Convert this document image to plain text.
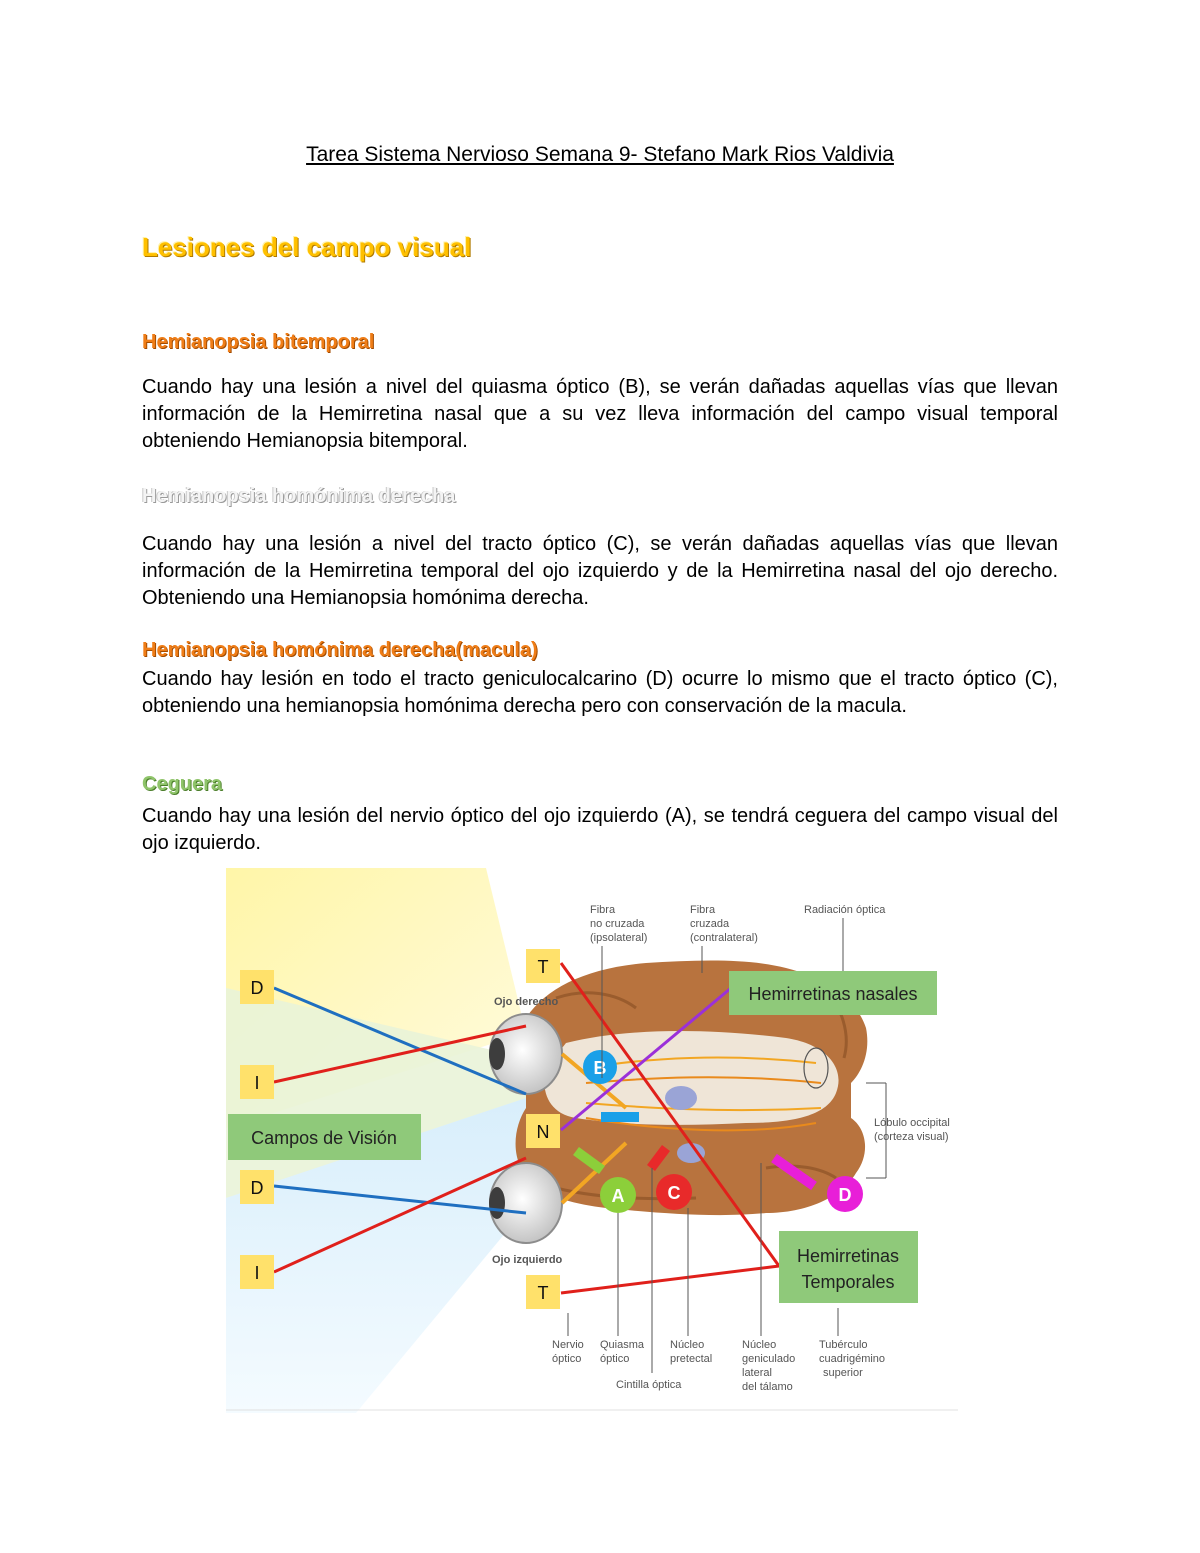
Tarea Sistema Nervioso Semana 9- Stefano Mark Rios Valdivia
Lesiones del campo visual
Hemianopsia bitemporal

Cuando hay una lesión a nivel del quiasma óptico (B), se verán dañadas aquellas vías que llevan información de la Hemirretina nasal que a su vez lleva información del campo visual temporal obteniendo Hemianopsia bitemporal.

Hemianopsia homónima derecha

Cuando hay una lesión a nivel del tracto óptico (C), se verán dañadas aquellas vías que llevan información de la Hemirretina temporal del ojo izquierdo y de la Hemirretina nasal del ojo derecho. Obteniendo una Hemianopsia homónima derecha.

Hemianopsia homónima derecha(macula)

Cuando hay lesión en todo el tracto geniculocalcarino (D) ocurre lo mismo que el tracto óptico (C), obteniendo una hemianopsia homónima derecha pero con conservación de la macula.

Ceguera

Cuando hay una lesión del nervio óptico del ojo izquierdo (A), se tendrá ceguera del campo visual del ojo izquierdo.

Ojo derecho
Ojo izquierdo
D
I
D
I
T
N
T
Campos de Visión
Hemirretinas nasales
Hemirretinas
Temporales
B
A C	D
Fibra
no cruzada
(ipsolateral)
Fibra
cruzada
(contralateral)
Radiación óptica
Lóbulo occipital
(corteza visual)
Nervio
óptico
Quiasma
óptico
Cintilla óptica
Núcleo
pretectal
Núcleo
geniculado
lateral
del tálamo
Tubérculo
cuadrigémino
superior
